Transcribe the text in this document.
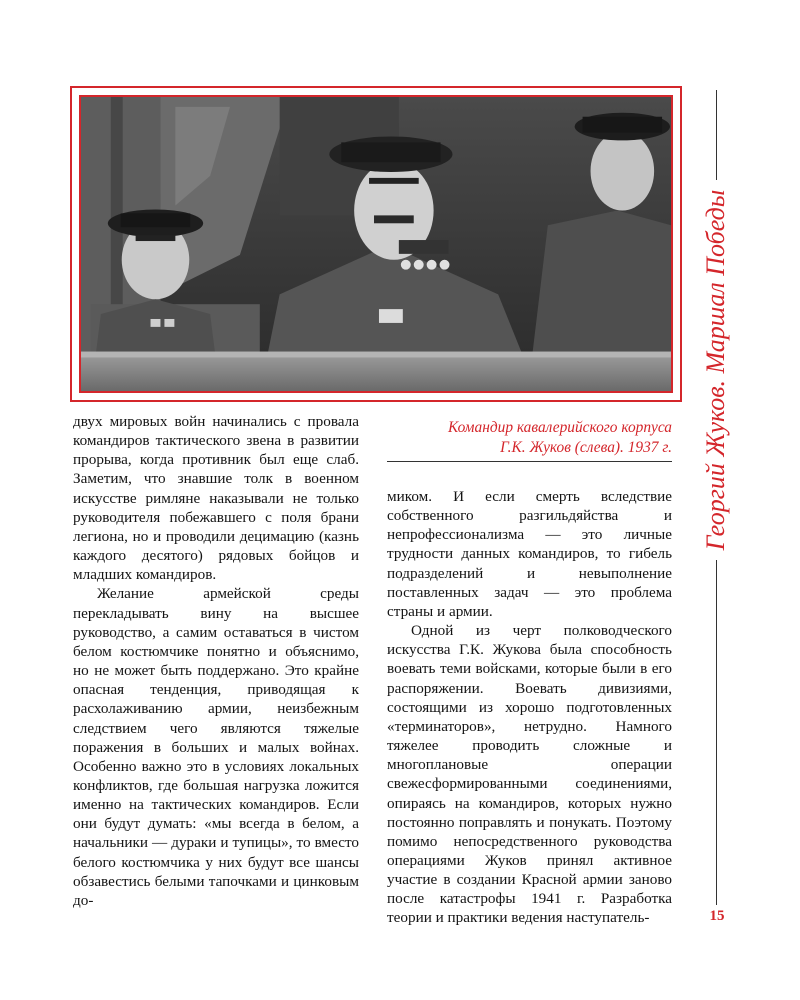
Командир кавалерийского корпуса
Г.К. Жуков (слева). 1937 г.

двух мировых войн начинались с провала командиров тактического звена в развитии прорыва, когда противник был еще слаб. Заметим, что знавшие толк в военном искусстве римляне наказывали не только руководителя побежавшего с поля брани легиона, но и проводили децимацию (казнь каждого десятого) рядовых бойцов и младших командиров.

Желание армейской среды перекладывать вину на высшее руководство, а самим оставаться в чистом белом костюмчике понятно и объяснимо, но не может быть поддержано. Это крайне опасная тенденция, приводящая к расхолаживанию армии, неизбежным следствием чего являются тяжелые поражения в больших и малых войнах. Особенно важно это в условиях локальных конфликтов, где большая нагрузка ложится именно на тактических командиров. Если они будут думать: «мы всегда в белом, а начальники — дураки и тупицы», то вместо белого костюмчика у них будут все шансы обзавестись белыми тапочками и цинковым до-

миком. И если смерть вследствие собственного разгильдяйства и непрофессионализма — это личные трудности данных командиров, то гибель подразделений и невыполнение поставленных задач — это проблема страны и армии.

Одной из черт полководческого искусства Г.К. Жукова была способность воевать теми войсками, которые были в его распоряжении. Воевать дивизиями, состоящими из хорошо подготовленных «терминаторов», нетрудно. Намного тяжелее проводить сложные и многоплановые операции свежесформированными соединениями, опираясь на командиров, которых нужно постоянно поправлять и понукать. Поэтому помимо непосредственного руководства операциями Жуков принял активное участие в создании Красной армии заново после катастрофы 1941 г. Разработка теории и практики ведения наступатель-

Георгий Жуков. Маршал Победы
15
